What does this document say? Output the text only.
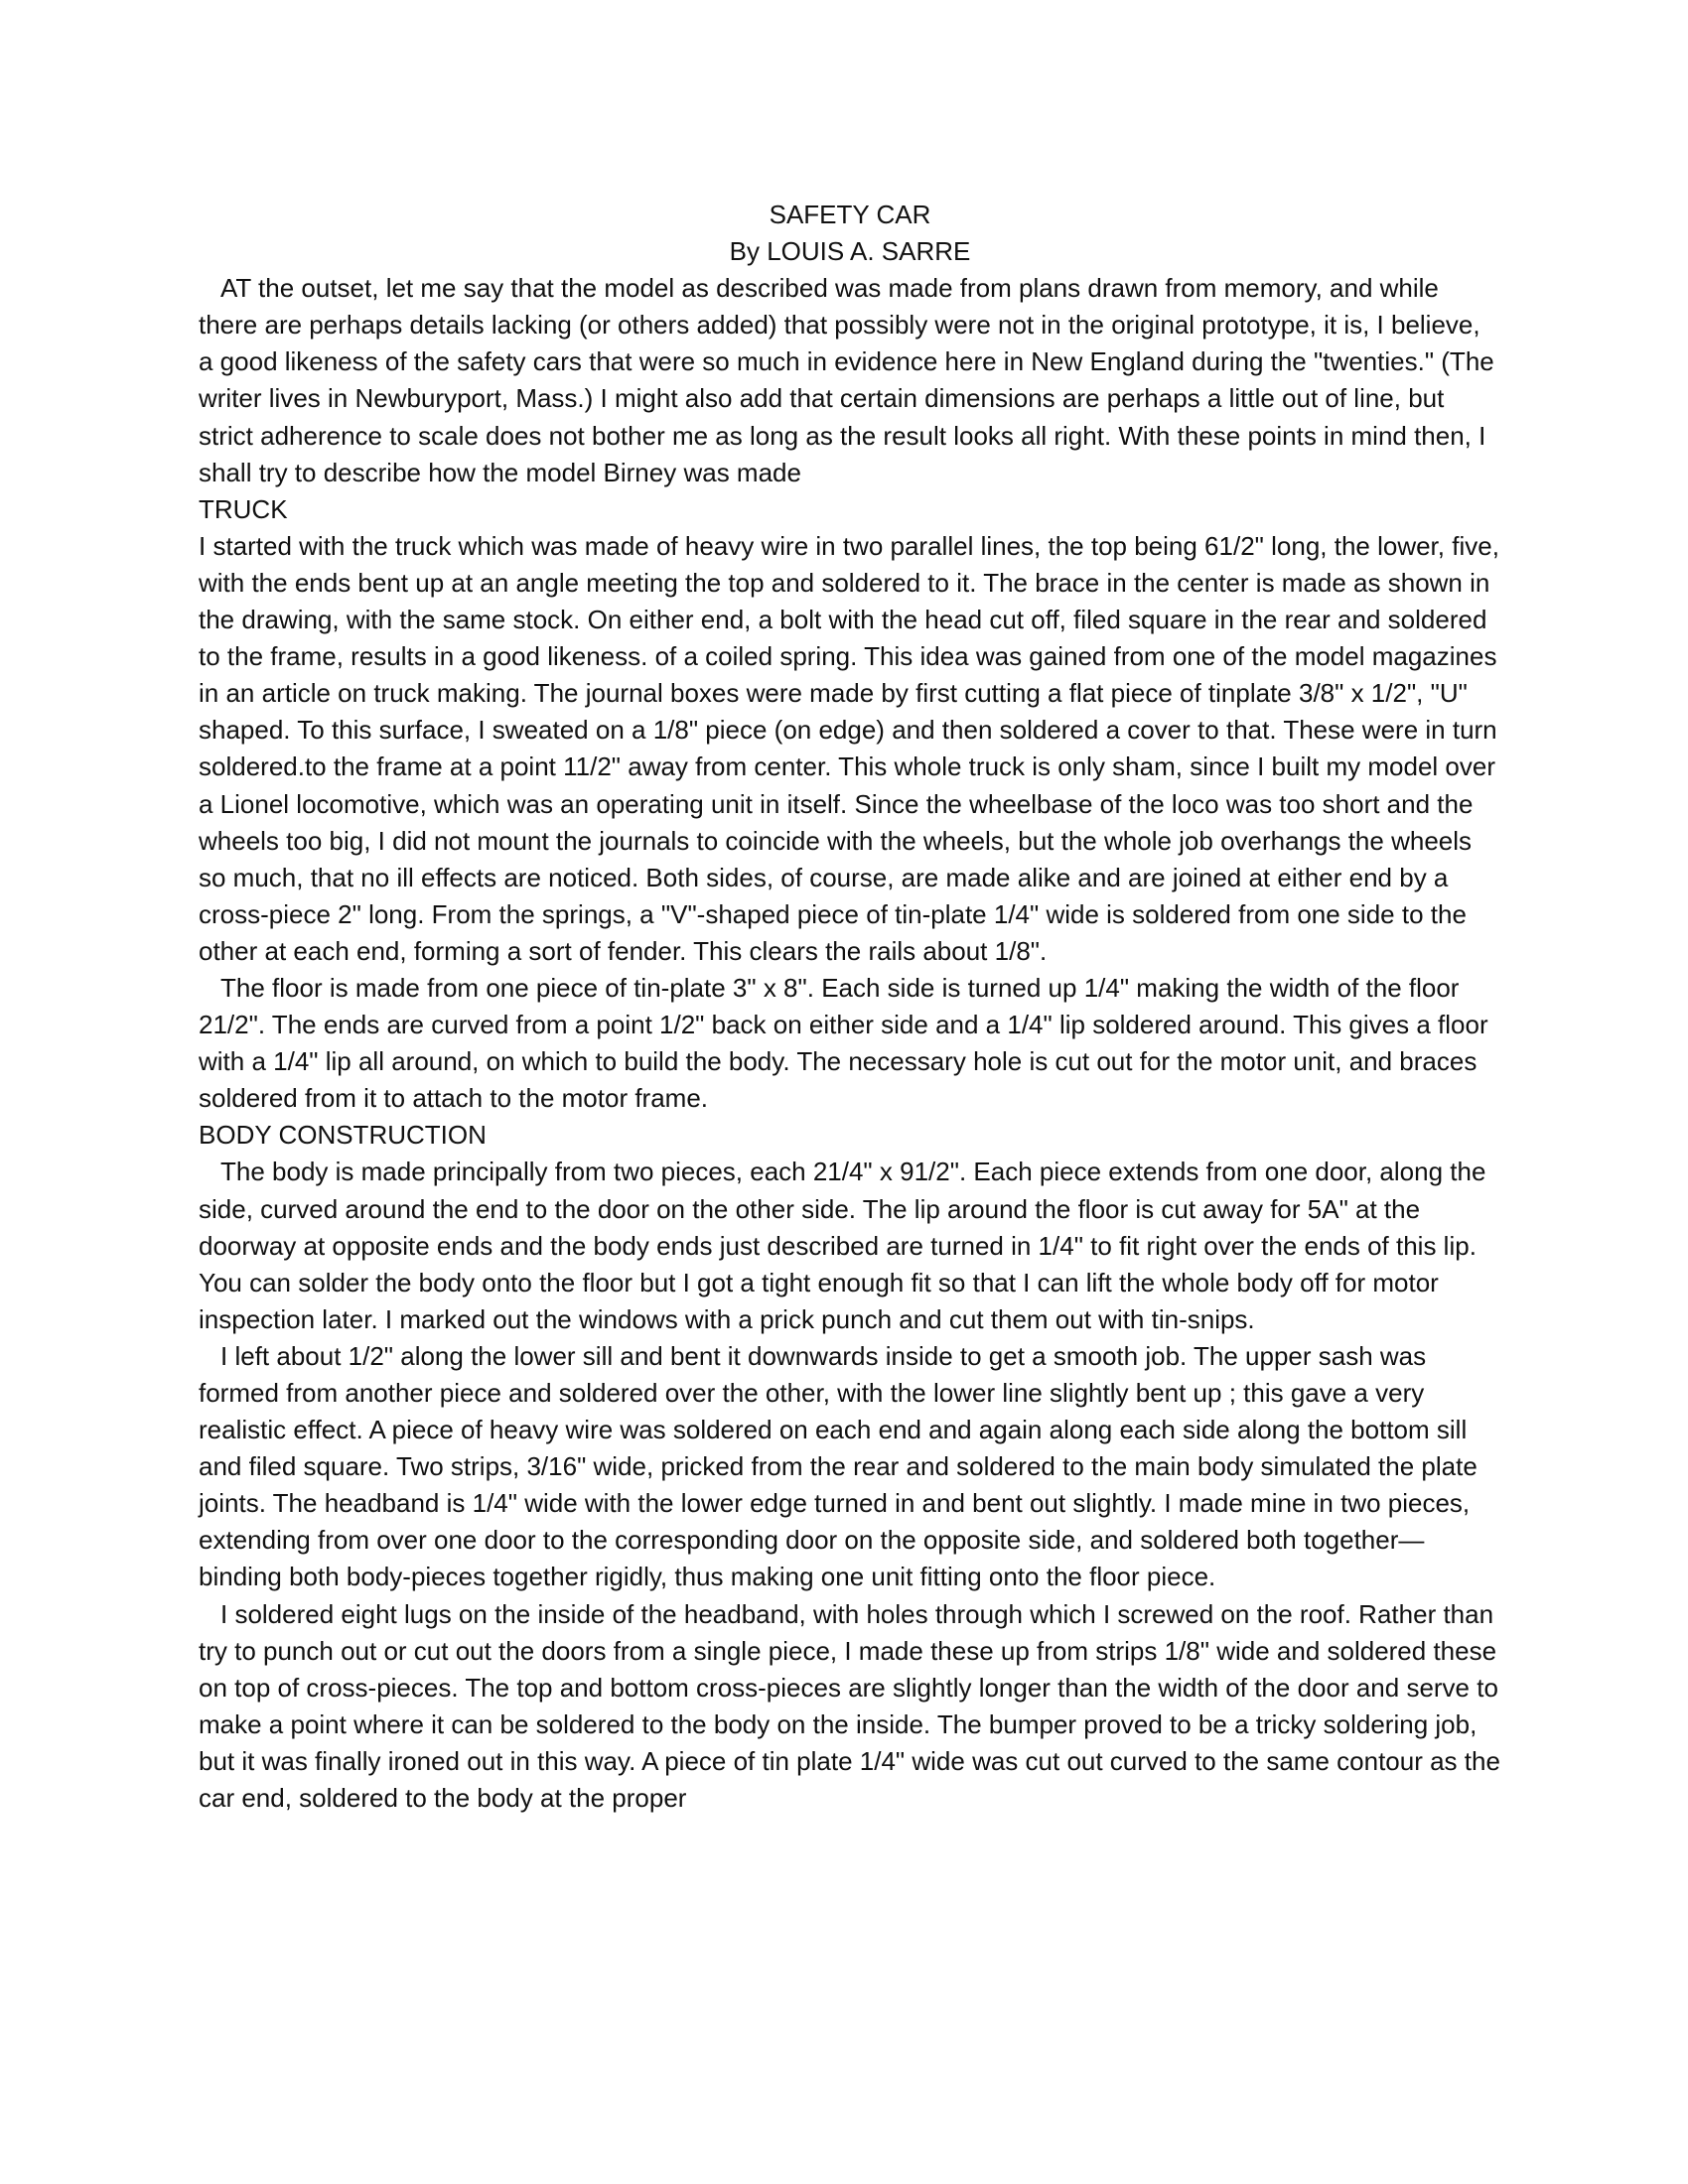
SAFETY CAR
By LOUIS A. SARRE

AT the outset, let me say that the model as described was made from plans drawn from memory, and while there are perhaps details lacking (or others added) that possibly were not in the original prototype, it is, I believe, a good likeness of the safety cars that were so much in evidence here in New England during the "twenties." (The writer lives in Newburyport, Mass.) I might also add that certain dimensions are perhaps a little out of line, but strict adherence to scale does not bother me as long as the result looks all right. With these points in mind then, I shall try to describe how the model Birney was made

TRUCK

I started with the truck which was made of heavy wire in two parallel lines, the top being 61/2" long, the lower, five, with the ends bent up at an angle meeting the top and soldered to it. The brace in the center is made as shown in the drawing, with the same stock. On either end, a bolt with the head cut off, filed square in the rear and soldered to the frame, results in a good likeness. of a coiled spring. This idea was gained from one of the model magazines in an article on truck making. The journal boxes were made by first cutting a flat piece of tinplate 3/8" x 1/2", "U" shaped. To this surface, I sweated on a 1/8" piece (on edge) and then soldered a cover to that. These were in turn soldered.to the frame at a point 11/2" away from center. This whole truck is only sham, since I built my model over a Lionel locomotive, which was an operating unit in itself. Since the wheelbase of the loco was too short and the wheels too big, I did not mount the journals to coincide with the wheels, but the whole job overhangs the wheels so much, that no ill effects are noticed. Both sides, of course, are made alike and are joined at either end by a cross-piece 2" long. From the springs, a "V"-shaped piece of tin-plate 1/4" wide is soldered from one side to the other at each end, forming a sort of fender. This clears the rails about 1/8".

The floor is made from one piece of tin-plate 3" x 8". Each side is turned up 1/4" making the width of the floor 21/2". The ends are curved from a point 1/2" back on either side and a 1/4" lip soldered around. This gives a floor with a 1/4" lip all around, on which to build the body. The necessary hole is cut out for the motor unit, and braces soldered from it to attach to the motor frame.

BODY CONSTRUCTION

The body is made principally from two pieces, each 21/4" x 91/2". Each piece extends from one door, along the side, curved around the end to the door on the other side. The lip around the floor is cut away for 5A" at the doorway at opposite ends and the body ends just described are turned in 1/4" to fit right over the ends of this lip. You can solder the body onto the floor but I got a tight enough fit so that I can lift the whole body off for motor inspection later. I marked out the windows with a prick punch and cut them out with tin-snips.

I left about 1/2" along the lower sill and bent it downwards inside to get a smooth job. The upper sash was formed from another piece and soldered over the other, with the lower line slightly bent up ; this gave a very realistic effect. A piece of heavy wire was soldered on each end and again along each side along the bottom sill and filed square. Two strips, 3/16" wide, pricked from the rear and soldered to the main body simulated the plate joints. The headband is 1/4" wide with the lower edge turned in and bent out slightly. I made mine in two pieces, extending from over one door to the corresponding door on the opposite side, and soldered both together—binding both body-pieces together rigidly, thus making one unit fitting onto the floor piece.

I soldered eight lugs on the inside of the headband, with holes through which I screwed on the roof. Rather than try to punch out or cut out the doors from a single piece, I made these up from strips 1/8" wide and soldered these on top of cross-pieces. The top and bottom cross-pieces are slightly longer than the width of the door and serve to make a point where it can be soldered to the body on the inside. The bumper proved to be a tricky soldering job, but it was finally ironed out in this way. A piece of tin plate 1/4" wide was cut out curved to the same contour as the car end, soldered to the body at the proper
